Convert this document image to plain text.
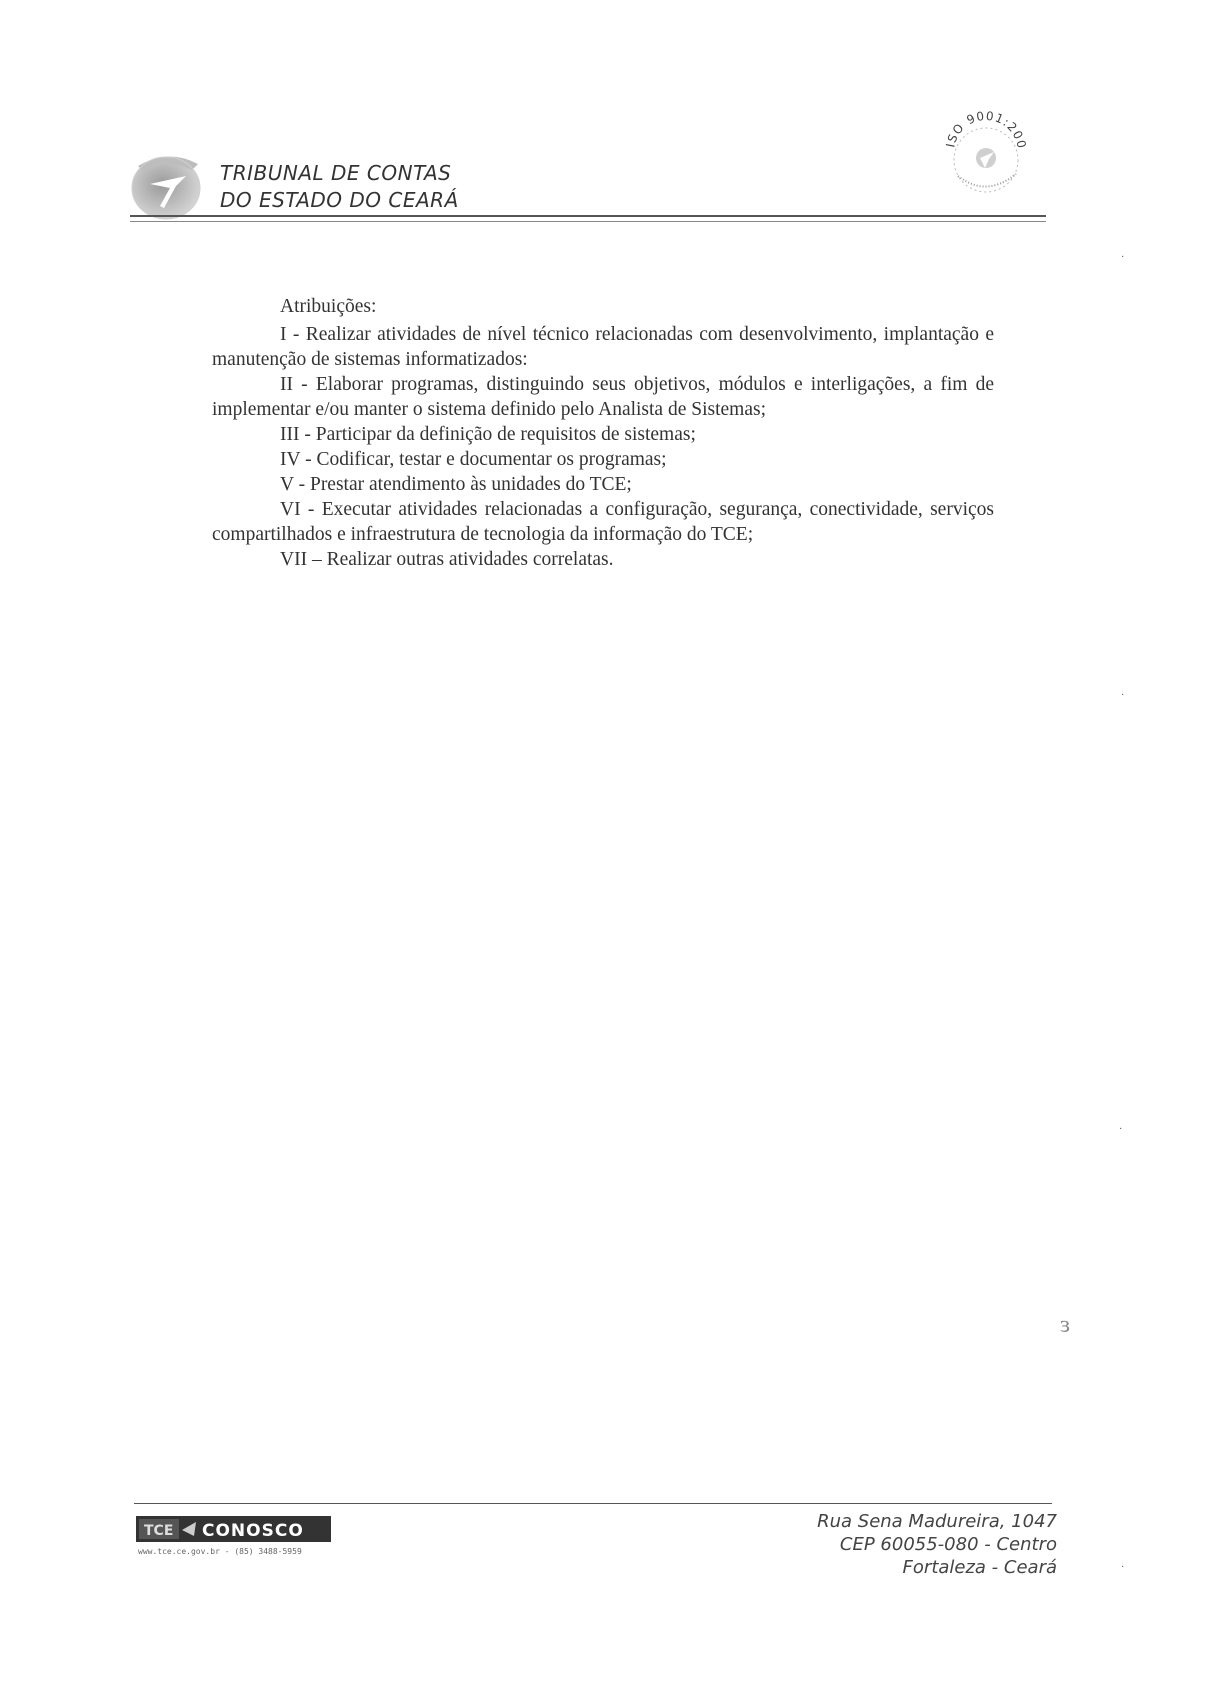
TRIBUNAL DE CONTAS
DO ESTADO DO CEARÁ
ISO 9001:200

Atribuições:

I - Realizar atividades de nível técnico relacionadas com desenvolvimento, implantação e manutenção de sistemas informatizados:

II - Elaborar programas, distinguindo seus objetivos, módulos e interligações, a fim de implementar e/ou manter o sistema definido pelo Analista de Sistemas;

III - Participar da definição de requisitos de sistemas;

IV - Codificar, testar e documentar os programas;

V - Prestar atendimento às unidades do TCE;

VI - Executar atividades relacionadas a configuração, segurança, conectividade, serviços compartilhados e infraestrutura de tecnologia da informação do TCE;

VII – Realizar outras atividades correlatas.

·
·
·
·
ɜ
TCE CONOSCO
www.tce.ce.gov.br - (85) 3488-5959
Rua Sena Madureira, 1047
CEP 60055-080 - Centro
Fortaleza - Ceará
